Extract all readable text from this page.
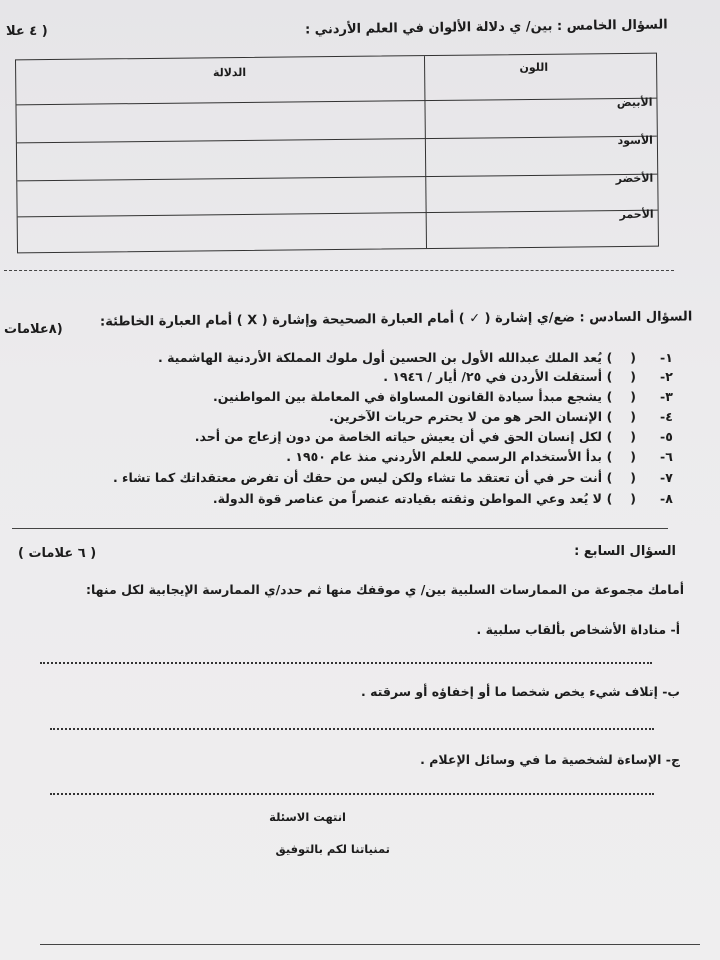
السؤال الخامس : بين/ ي دلالة الألوان في العلم الأردني :
( ٤ علا
اللون
الدلالة
الأبيض
الأسود
الأخضر
الأحمر
السؤال السادس : ضع/ي إشارة ( ✓ ) أمام العبارة الصحيحة وإشارة ( X ) أمام العبارة الخاطئة:
(٨علامات
-١
()
يُعد الملك عبدالله الأول بن الحسين أول ملوك المملكة الأردنية الهاشمية .
-٢
()
أستقلت الأردن في ٢٥/ أيار / ١٩٤٦ .
-٣
()
يشجع مبدأ سيادة القانون المساواة في المعاملة بين المواطنين.
-٤
()
الإنسان الحر هو من لا يحترم حريات الآخرين.
-٥
()
لكل إنسان الحق في أن يعيش حياته الخاصة من دون إزعاج من أحد.
-٦
()
بدأ الأستخدام الرسمي للعلم الأردني منذ عام ١٩٥٠ .
-٧
()
أنت حر في أن تعتقد ما تشاء ولكن ليس من حقك أن تفرض معتقداتك كما تشاء .
-٨
()
لا يُعد وعي المواطن وثقته بقيادته عنصراً من عناصر قوة الدولة.
السؤال السابع :
( ٦ علامات )
أمامك مجموعة من الممارسات السلبية بين/ ي موقفك منها ثم حدد/ي الممارسة الإيجابية لكل منها:
أ- مناداة الأشخاص بألقاب سلبية .
ب- إتلاف شيء يخص شخصا ما أو إخفاؤه أو سرقته .
ج- الإساءة لشخصية ما في وسائل الإعلام .
انتهت الاسئلة
تمنياتنا لكم بالتوفيق
